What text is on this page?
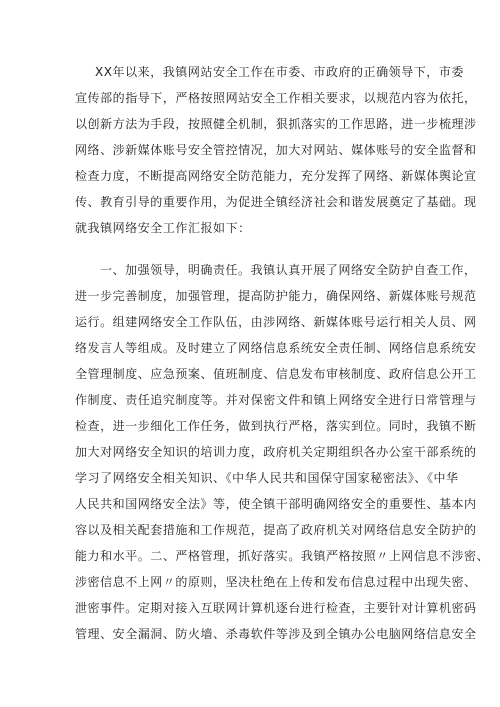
XX年以来，我镇网站安全工作在市委、市政府的正确领导下，市委
宣传部的指导下，严格按照网站安全工作相关要求，以规范内容为依托，
以创新方法为手段，按照健全机制，狠抓落实的工作思路，进一步梳理涉
网络、涉新媒体账号安全管控情况，加大对网站、媒体账号的安全监督和
检查力度，不断提高网络安全防范能力，充分发挥了网络、新媒体舆论宣
传、教育引导的重要作用，为促进全镇经济社会和谐发展奠定了基础。现
就我镇网络安全工作汇报如下：
一、加强领导，明确责任。我镇认真开展了网络安全防护自查工作，
进一步完善制度，加强管理，提高防护能力，确保网络、新媒体账号规范
运行。组建网络安全工作队伍，由涉网络、新媒体账号运行相关人员、网
络发言人等组成。及时建立了网络信息系统安全责任制、网络信息系统安
全管理制度、应急预案、值班制度、信息发布审核制度、政府信息公开工
作制度、责任追究制度等。并对保密文件和镇上网络安全进行日常管理与
检查，进一步细化工作任务，做到执行严格，落实到位。同时，我镇不断
加大对网络安全知识的培训力度，政府机关定期组织各办公室干部系统的
学习了网络安全相关知识、《中华人民共和国保守国家秘密法》、《中华
人民共和国网络安全法》等，使全镇干部明确网络安全的重要性、基本内
容以及相关配套措施和工作规范，提高了政府机关对网络信息安全防护的
能力和水平。二、严格管理，抓好落实。我镇严格按照〃上网信息不涉密、
涉密信息不上网〃的原则，坚决杜绝在上传和发布信息过程中出现失密、
泄密事件。定期对接入互联网计算机逐台进行检查，主要针对计算机密码
管理、安全漏洞、防火墙、杀毒软件等涉及到全镇办公电脑网络信息安全
